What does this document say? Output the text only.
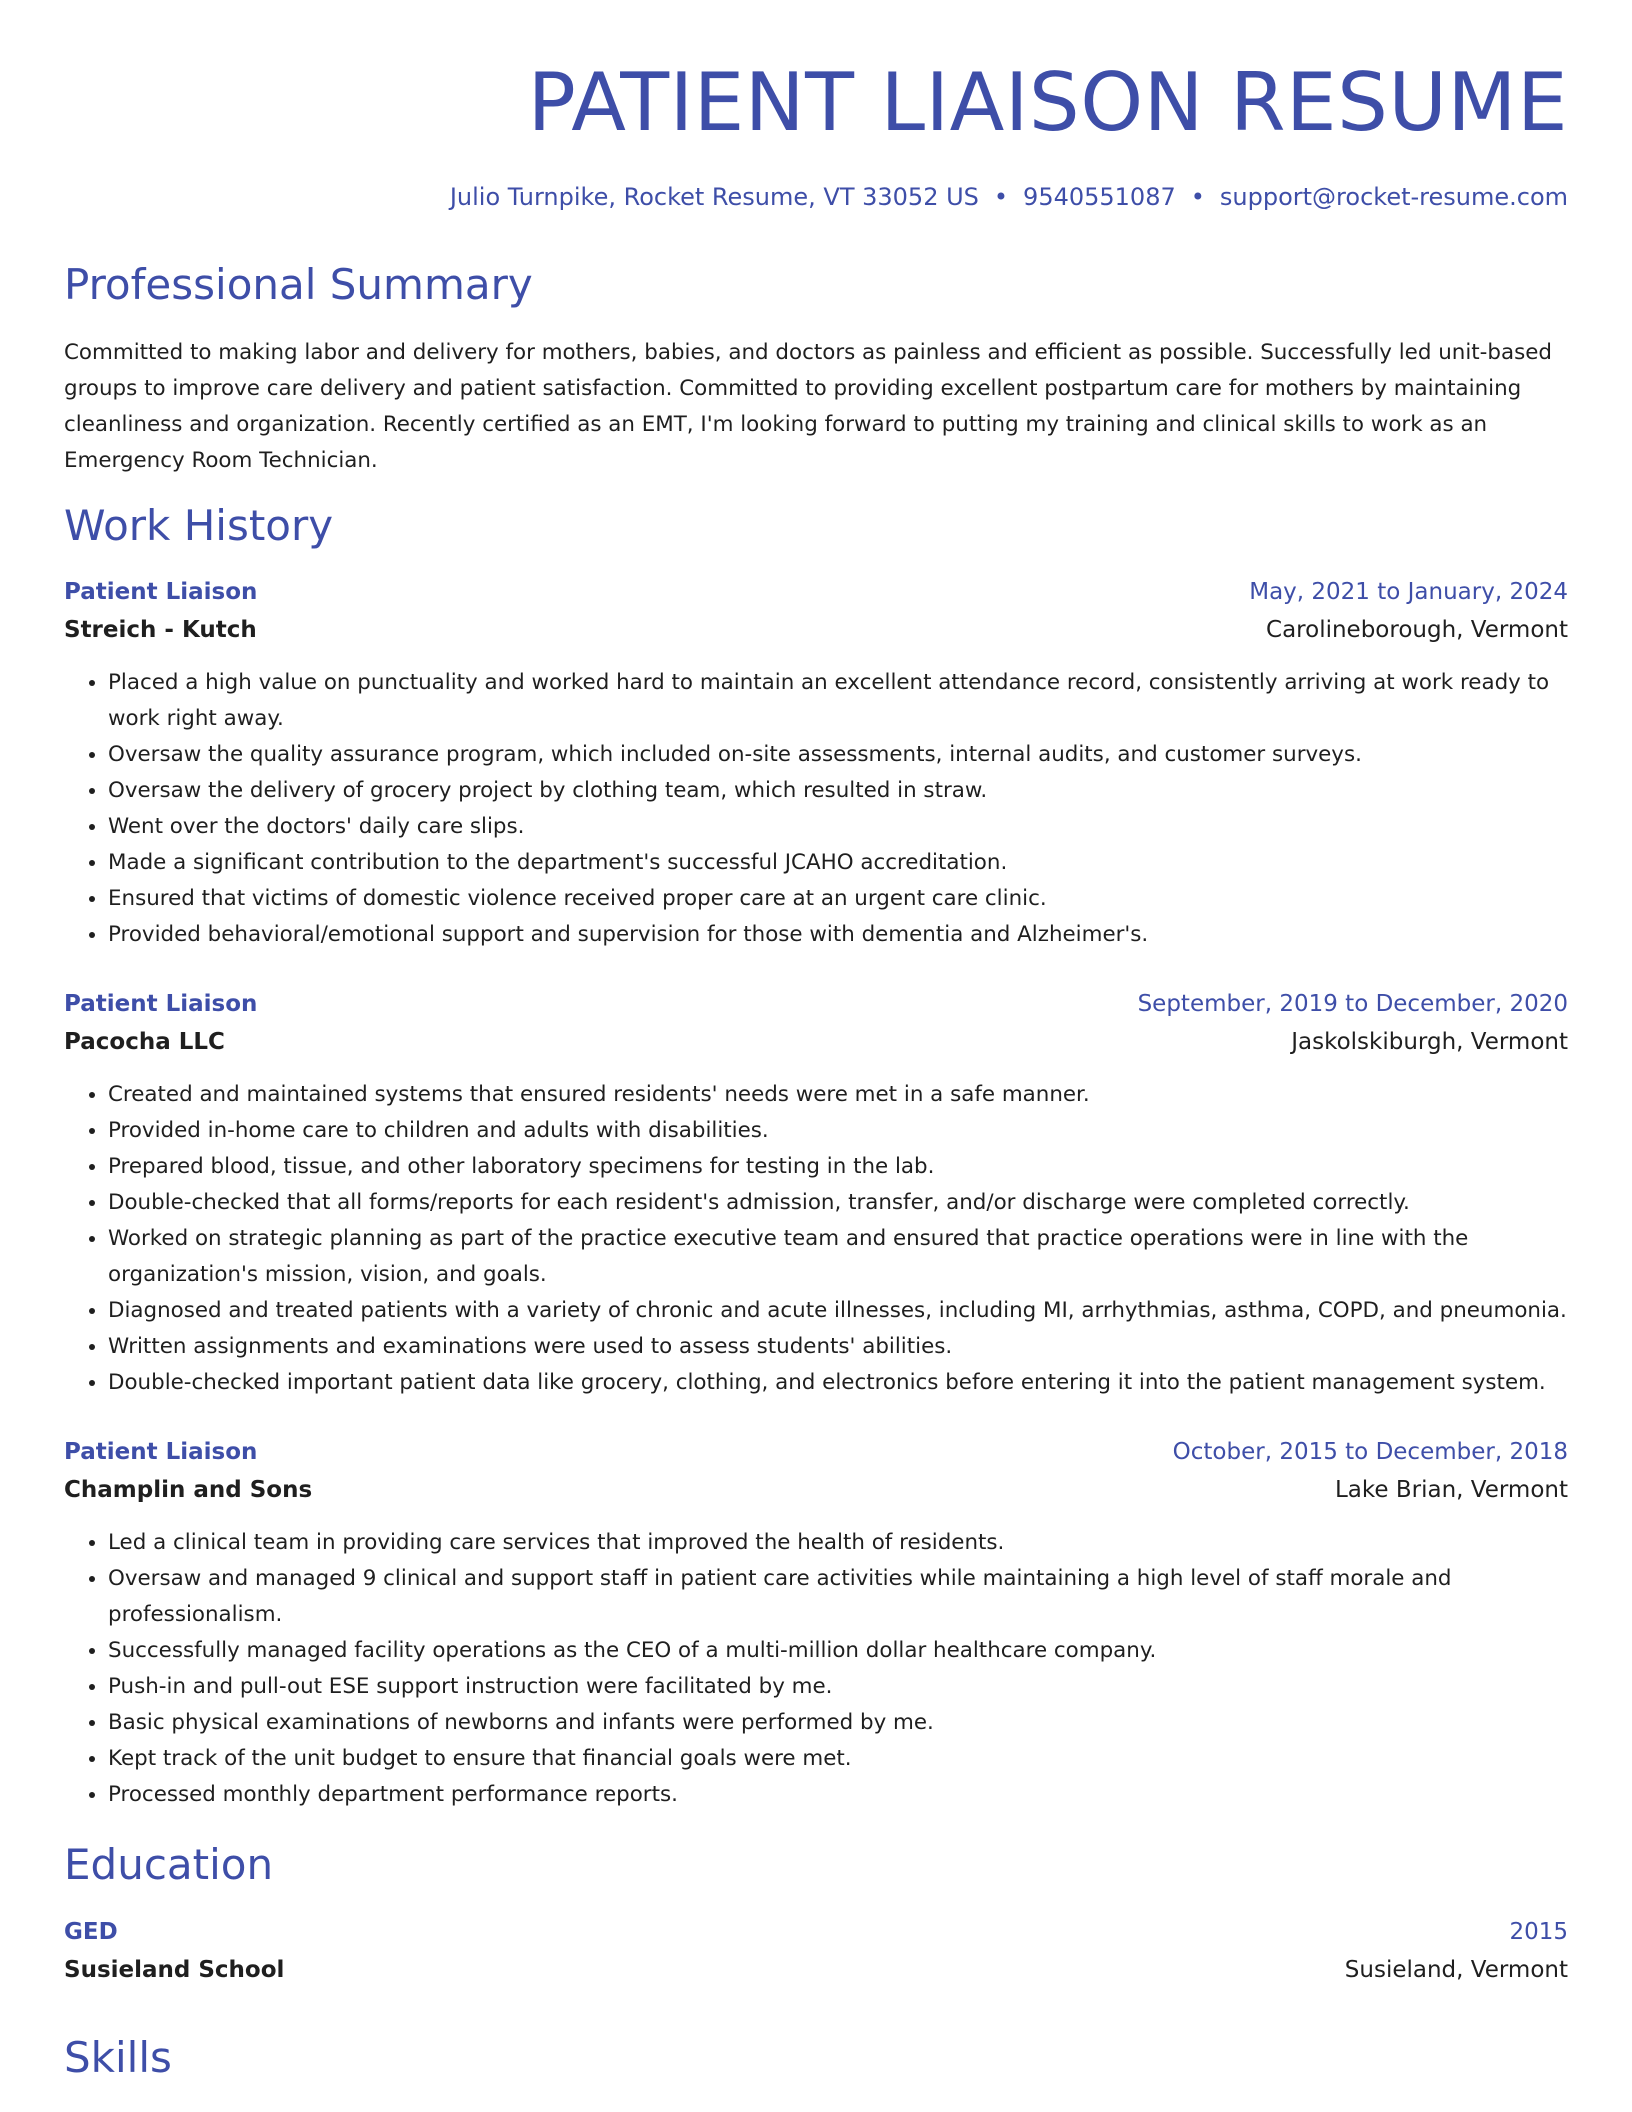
PATIENT LIAISON RESUME
Julio Turnpike, Rocket Resume, VT 33052 US • 9540551087 • support@rocket-resume.com
Professional Summary

Committed to making labor and delivery for mothers, babies, and doctors as painless and efficient as possible. Successfully led unit-based groups to improve care delivery and patient satisfaction. Committed to providing excellent postpartum care for mothers by maintaining cleanliness and organization. Recently certified as an EMT, I'm looking forward to putting my training and clinical skills to work as an Emergency Room Technician.

Work History
Patient Liaison	May, 2021 to January, 2024
Streich - Kutch	Carolineborough, Vermont
• Placed a high value on punctuality and worked hard to maintain an excellent attendance record, consistently arriving at work ready to work right away.
• Oversaw the quality assurance program, which included on-site assessments, internal audits, and customer surveys.
• Oversaw the delivery of grocery project by clothing team, which resulted in straw.
• Went over the doctors' daily care slips.
• Made a significant contribution to the department's successful JCAHO accreditation.
• Ensured that victims of domestic violence received proper care at an urgent care clinic.
• Provided behavioral/emotional support and supervision for those with dementia and Alzheimer's.
Patient Liaison	September, 2019 to December, 2020
Pacocha LLC	Jaskolskiburgh, Vermont
• Created and maintained systems that ensured residents' needs were met in a safe manner.
• Provided in-home care to children and adults with disabilities.
• Prepared blood, tissue, and other laboratory specimens for testing in the lab.
• Double-checked that all forms/reports for each resident's admission, transfer, and/or discharge were completed correctly.
• Worked on strategic planning as part of the practice executive team and ensured that practice operations were in line with the organization's mission, vision, and goals.
• Diagnosed and treated patients with a variety of chronic and acute illnesses, including MI, arrhythmias, asthma, COPD, and pneumonia.
• Written assignments and examinations were used to assess students' abilities.
• Double-checked important patient data like grocery, clothing, and electronics before entering it into the patient management system.
Patient Liaison	October, 2015 to December, 2018
Champlin and Sons	Lake Brian, Vermont
• Led a clinical team in providing care services that improved the health of residents.
• Oversaw and managed 9 clinical and support staff in patient care activities while maintaining a high level of staff morale and professionalism.
• Successfully managed facility operations as the CEO of a multi-million dollar healthcare company.
• Push-in and pull-out ESE support instruction were facilitated by me.
• Basic physical examinations of newborns and infants were performed by me.
• Kept track of the unit budget to ensure that financial goals were met.
• Processed monthly department performance reports.
Education
GED	2015
Susieland School	Susieland, Vermont
Skills
